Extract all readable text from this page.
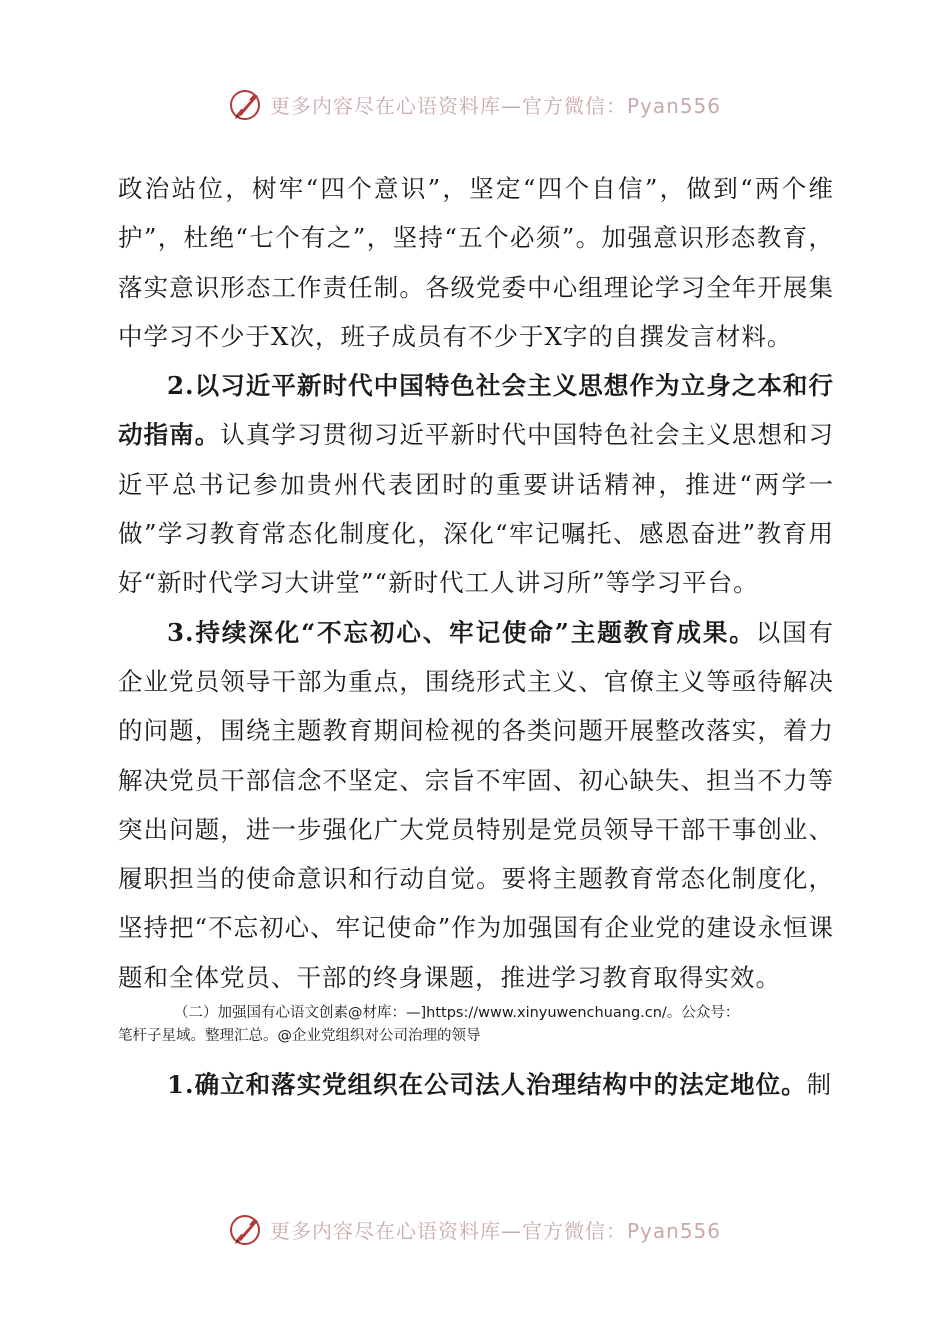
更多内容尽在心语资料库—官方微信：Pyan556

政治站位，树牢“四个意识”，坚定“四个自信”，做到“两个维护”，杜绝“七个有之”，坚持“五个必须”。加强意识形态教育，落实意识形态工作责任制。各级党委中心组理论学习全年开展集中学习不少于X次，班子成员有不少于X字的自撰发言材料。

2.以习近平新时代中国特色社会主义思想作为立身之本和行动指南。认真学习贯彻习近平新时代中国特色社会主义思想和习近平总书记参加贵州代表团时的重要讲话精神，推进“两学一做”学习教育常态化制度化，深化“牢记嘱托、感恩奋进”教育用好“新时代学习大讲堂”“新时代工人讲习所”等学习平台。

3.持续深化“不忘初心、牢记使命”主题教育成果。以国有企业党员领导干部为重点，围绕形式主义、官僚主义等亟待解决的问题，围绕主题教育期间检视的各类问题开展整改落实，着力解决党员干部信念不坚定、宗旨不牢固、初心缺失、担当不力等突出问题，进一步强化广大党员特别是党员领导干部干事创业、履职担当的使命意识和行动自觉。要将主题教育常态化制度化，坚持把“不忘初心、牢记使命”作为加强国有企业党的建设永恒课题和全体党员、干部的终身课题，推进学习教育取得实效。

（二）加强国有心语文创素@材库：—]https://www.xinyuwenchuang.cn/。公众号：
笔杆子星域。整理汇总。@企业党组织对公司治理的领导

1.确立和落实党组织在公司法人治理结构中的法定地位。制

更多内容尽在心语资料库—官方微信：Pyan556
